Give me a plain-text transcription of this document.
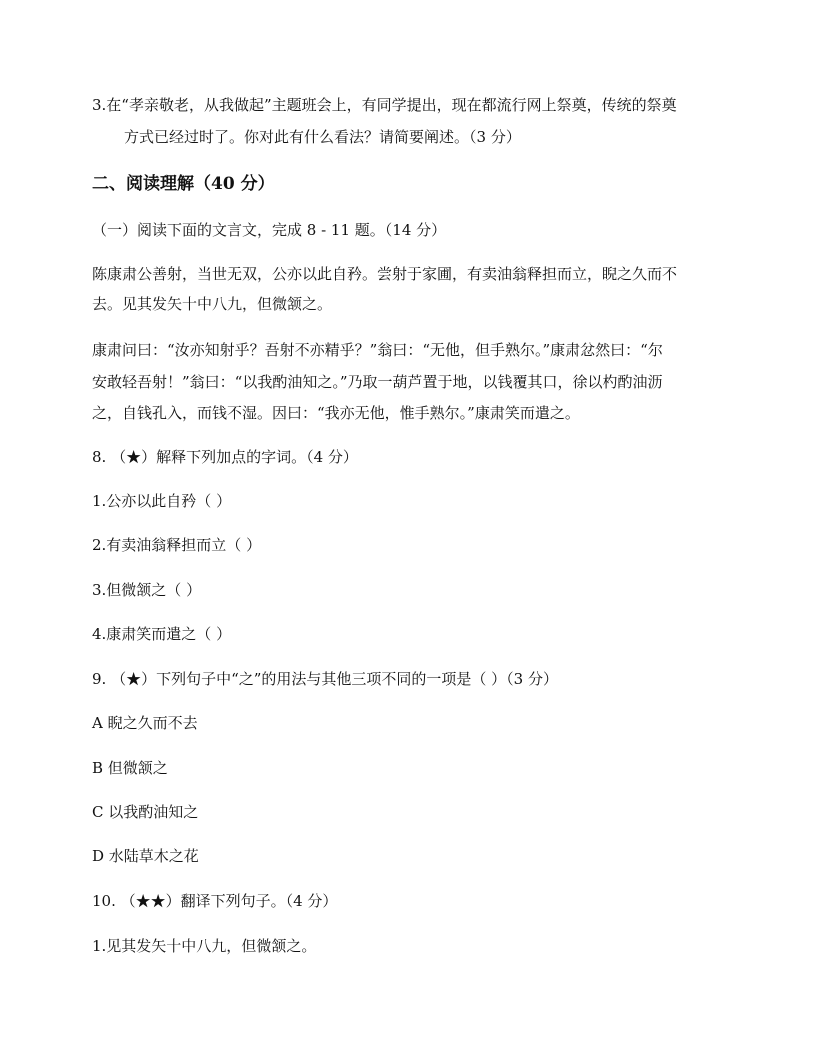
3.在“孝亲敬老，从我做起”主题班会上，有同学提出，现在都流行网上祭奠，传统的祭奠
方式已经过时了。你对此有什么看法？请简要阐述。（3 分）
二、阅读理解（40 分）
（一）阅读下面的文言文，完成 8 - 11 题。（14 分）
陈康肃公善射，当世无双，公亦以此自矜。尝射于家圃，有卖油翁释担而立，睨之久而不
去。见其发矢十中八九，但微颔之。
康肃问曰：“汝亦知射乎？吾射不亦精乎？”翁曰：“无他，但手熟尔。”康肃忿然曰：“尔
安敢轻吾射！”翁曰：“以我酌油知之。”乃取一葫芦置于地，以钱覆其口，徐以杓酌油沥
之，自钱孔入，而钱不湿。因曰：“我亦无他，惟手熟尔。”康肃笑而遣之。
8. （★）解释下列加点的字词。（4 分）
1.公亦以此自矜（ ）
2.有卖油翁释担而立（ ）
3.但微颔之（ ）
4.康肃笑而遣之（ ）
9. （★）下列句子中“之”的用法与其他三项不同的一项是（ ）（3 分）
A 睨之久而不去
B 但微颔之
C 以我酌油知之
D 水陆草木之花
10. （★★）翻译下列句子。（4 分）
1.见其发矢十中八九，但微颔之。
